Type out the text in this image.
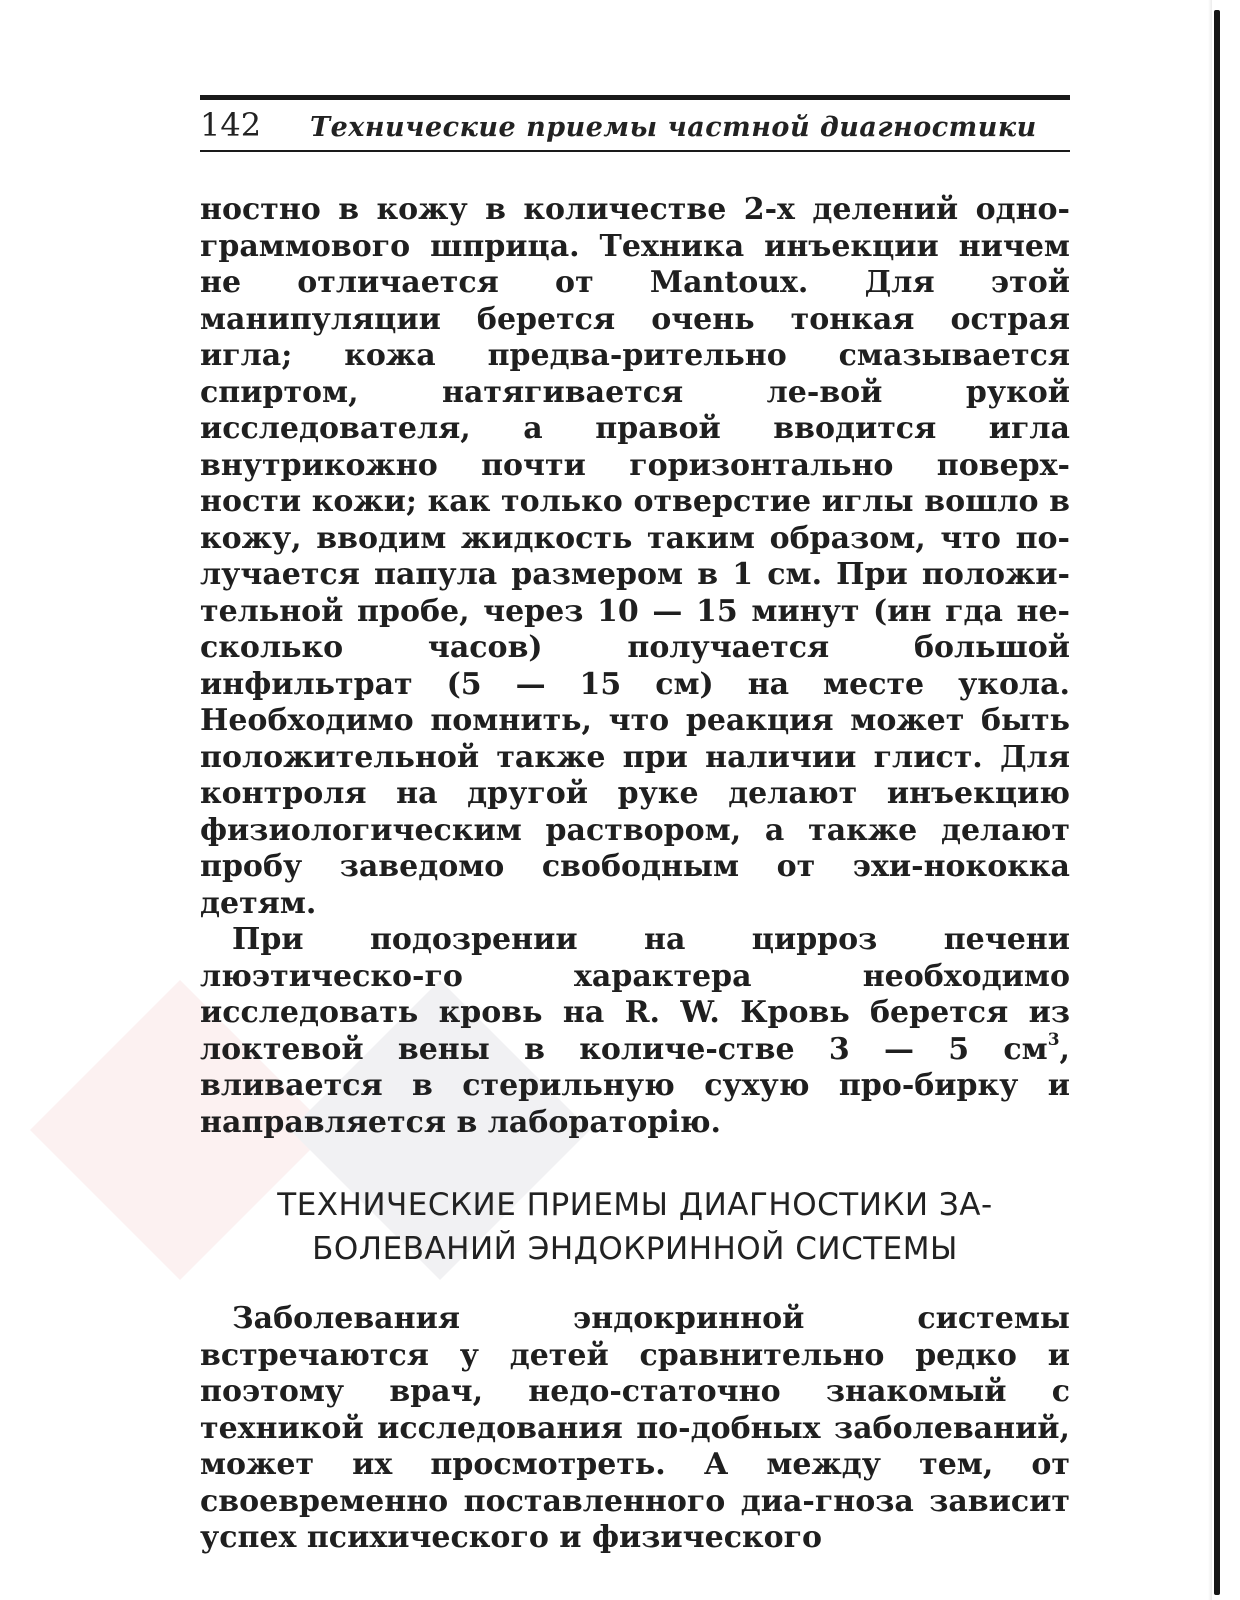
142	Технические приемы частной диагностики

ностно в кожу в количестве 2-х делений одно-граммового шприца. Техника инъекции ничем не отличается от Mantoux. Для этой манипуляции берется очень тонкая острая игла; кожа предва-рительно смазывается спиртом, натягивается ле-вой рукой исследователя, а правой вводится игла внутрикожно почти горизонтально поверх-ности кожи; как только отверстие иглы вошло в кожу, вводим жидкость таким образом, что по-лучается папула размером в 1 см. При положи-тельной пробе, через 10 — 15 минут (ин гда не-сколько часов) получается большой инфильтрат (5 — 15 см) на месте укола. Необходимо помнить, что реакция может быть положительной также при наличии глист. Для контроля на другой руке делают инъекцию физиологическим раствором, а также делают пробу заведомо свободным от эхи-нококка детям.

При подозрении на цирроз печени люэтическо-го характера необходимо исследовать кровь на R. W. Кровь берется из локтевой вены в количе-стве 3 — 5 $см^3$, вливается в стерильную сухую про-бирку и направляется в лабораторiю.

ТЕХНИЧЕСКИЕ ПРИЕМЫ ДИАГНОСТИКИ ЗА-
БОЛЕВАНИЙ ЭНДОКРИННОЙ СИСТЕМЫ

Заболевания эндокринной системы встречаются у детей сравнительно редко и поэтому врач, недо-статочно знакомый с техникой исследования по-добных заболеваний, может их просмотреть. А между тем, от своевременно поставленного диа-гноза зависит успех психического и физического
